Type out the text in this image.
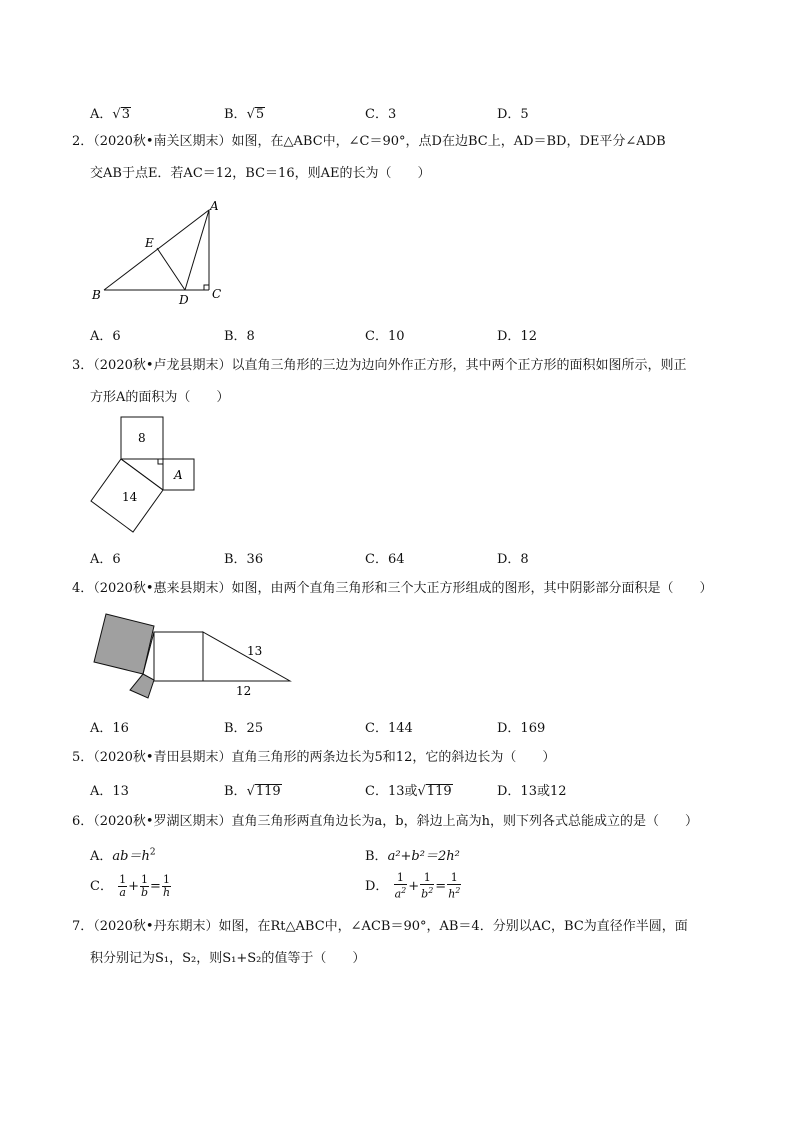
A．√3	B．√5	C．3	D．5
2．（2020秋•南关区期末）如图，在△ABC中，∠C＝90°，点D在边BC上，AD＝BD，DE平分∠ADB
交AB于点E．若AC＝12，BC＝16，则AE的长为（　　）
A
B	C
D
E
A．6	B．8	C．10	D．12
3．（2020秋•卢龙县期末）以直角三角形的三边为边向外作正方形，其中两个正方形的面积如图所示，则正
方形A的面积为（　　）
8
14
A
A．6	B．36	C．64	D．8
4．（2020秋•惠来县期末）如图，由两个直角三角形和三个大正方形组成的图形，其中阴影部分面积是（　　）
13
12
A．16	B．25	C．144	D．169
5．（2020秋•青田县期末）直角三角形的两条边长为5和12，它的斜边长为（　　）
A．13	B．√119	C．13或√119	D．13或12
6．（2020秋•罗湖区期末）直角三角形两直角边长为a，b，斜边上高为h，则下列各式总能成立的是（　　）
A．$ab=h^2$	B．a²+b²＝2h²
C． $\frac{1}{a} + \frac{1}{b} = \frac{1}{h}$	D． $\frac{1}{a^2} + \frac{1}{b^2} = \frac{1}{h^2}$
7．（2020秋•丹东期末）如图，在Rt△ABC中，∠ACB＝90°，AB＝4．分别以AC，BC为直径作半圆，面
积分别记为S₁，S₂，则S₁+S₂的值等于（　　）
